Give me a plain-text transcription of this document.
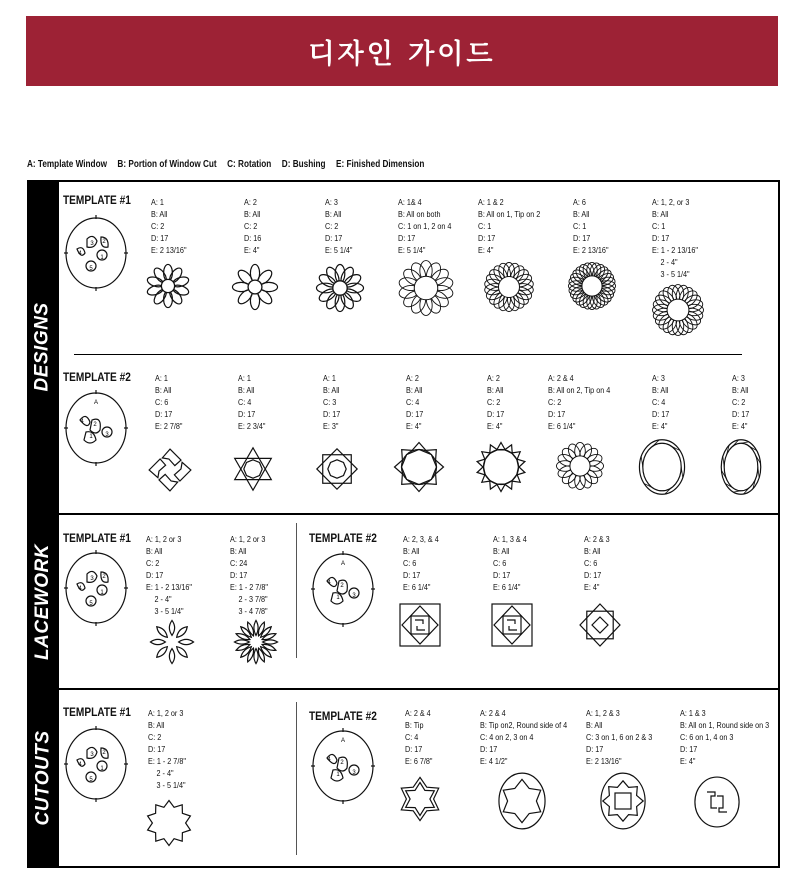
디자인 가이드
A: Template Window B: Portion of Window Cut C: Rotation D: Bushing E: Finished Dimension
DESIGNS
LACEWORK
CUTOUTS
TEMPLATE #1
TEMPLATE #2
TEMPLATE #1	TEMPLATE #2
TEMPLATE #1	TEMPLATE #2
3 2
4
1
5
A
4 2
1 3
3 2
4
1
5
A
4 2
1 3
3 2
4
1
5
A
4 2
1 3
A: 1
B: All
C: 2
D: 17
E: 2 13/16"
A: 2
B: All
C: 2
D: 16
E: 4"
A: 3
B: All
C: 2
D: 17
E: 5 1/4"
A: 1& 4
B: All on both
C: 1 on 1, 2 on 4
D: 17
E: 5 1/4"
A: 1 & 2
B: All on 1, Tip on 2
C: 1
D: 17
E: 4"
A: 6
B: All
C: 1
D: 17
E: 2 13/16"
A: 1, 2, or 3
B: All
C: 1
D: 17
E: 1 - 2 13/16"
2 - 4"
3 - 5 1/4"
A: 1
B: All
C: 6
D: 17
E: 2 7/8"
A: 1
B: All
C: 4
D: 17
E: 2 3/4"
A: 1
B: All
C: 3
D: 17
E: 3"
A: 2
B: All
C: 4
D: 17
E: 4"
A: 2
B: All
C: 2
D: 17
E: 4"
A: 2 & 4
B: All on 2, Tip on 4
C: 2
D: 17
E: 6 1/4"
A: 3
B: All
C: 4
D: 17
E: 4"
A: 3
B: All
C: 2
D: 17
E: 4"
A: 1, 2 or 3
B: All
C: 2
D: 17
E: 1 - 2 13/16"
2 - 4"
3 - 5 1/4"
A: 1, 2 or 3
B: All
C: 24
D: 17
E: 1 - 2 7/8"
2 - 3 7/8"
3 - 4 7/8"
A: 2, 3, & 4
B: All
C: 6
D: 17
E: 6 1/4"
A: 1, 3 & 4
B: All
C: 6
D: 17
E: 6 1/4"
A: 2 & 3
B: All
C: 6
D: 17
E: 4"
A: 1, 2 or 3
B: All
C: 2
D: 17
E: 1 - 2 7/8"
2 - 4"
3 - 5 1/4"
A: 2 & 4
B: Tip
C: 4
D: 17
E: 6 7/8"
A: 2 & 4
B: Tip on2, Round side of 4
C: 4 on 2, 3 on 4
D: 17
E: 4 1/2"
A: 1, 2 & 3
B: All
C: 3 on 1, 6 on 2 & 3
D: 17
E: 2 13/16"
A: 1 & 3
B: All on 1, Round side on 3
C: 6 on 1, 4 on 3
D: 17
E: 4"
